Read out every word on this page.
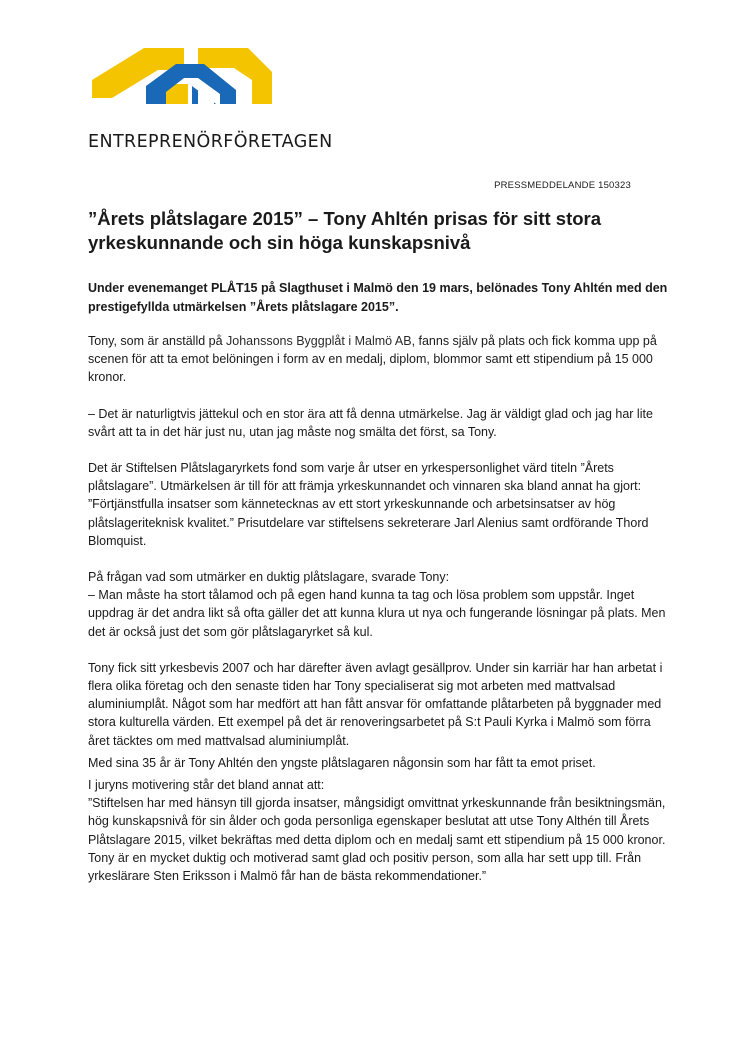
ENTREPRENÖRFÖRETAGEN
PRESSMEDDELANDE 150323
”Årets plåtslagare 2015” – Tony Ahltén prisas för sitt stora yrkeskunnande och sin höga kunskapsnivå

Under evenemanget PLÅT15 på Slagthuset i Malmö den 19 mars, belönades Tony Ahltén med den prestigefyllda utmärkelsen ”Årets plåtslagare 2015”.

Tony, som är anställd på Johanssons Byggplåt i Malmö AB, fanns själv på plats och fick komma upp på scenen för att ta emot belöningen i form av en medalj, diplom, blommor samt ett stipendium på 15 000 kronor.

– Det är naturligtvis jättekul och en stor ära att få denna utmärkelse. Jag är väldigt glad och jag har lite svårt att ta in det här just nu, utan jag måste nog smälta det först, sa Tony.

Det är Stiftelsen Plåtslagaryrkets fond som varje år utser en yrkespersonlighet värd titeln ”Årets plåtslagare”. Utmärkelsen är till för att främja yrkeskunnandet och vinnaren ska bland annat ha gjort: ”Förtjänstfulla insatser som kännetecknas av ett stort yrkeskunnande och arbetsinsatser av hög plåtslageriteknisk kvalitet.” Prisutdelare var stiftelsens sekreterare Jarl Alenius samt ordförande Thord Blomquist.

På frågan vad som utmärker en duktig plåtslagare, svarade Tony:
– Man måste ha stort tålamod och på egen hand kunna ta tag och lösa problem som uppstår. Inget uppdrag är det andra likt så ofta gäller det att kunna klura ut nya och fungerande lösningar på plats. Men det är också just det som gör plåtslagaryrket så kul.

Tony fick sitt yrkesbevis 2007 och har därefter även avlagt gesällprov. Under sin karriär har han arbetat i flera olika företag och den senaste tiden har Tony specialiserat sig mot arbeten med mattvalsad aluminiumplåt. Något som har medfört att han fått ansvar för omfattande plåtarbeten på byggnader med stora kulturella värden. Ett exempel på det är renoveringsarbetet på S:t Pauli Kyrka i Malmö som förra året täcktes om med mattvalsad aluminiumplåt.

Med sina 35 år är Tony Ahltén den yngste plåtslagaren någonsin som har fått ta emot priset.

I juryns motivering står det bland annat att:
”Stiftelsen har med hänsyn till gjorda insatser, mångsidigt omvittnat yrkeskunnande från besiktningsmän, hög kunskapsnivå för sin ålder och goda personliga egenskaper beslutat att utse Tony Althén till Årets Plåtslagare 2015, vilket bekräftas med detta diplom och en medalj samt ett stipendium på 15 000 kronor. Tony är en mycket duktig och motiverad samt glad och positiv person, som alla har sett upp till. Från yrkeslärare Sten Eriksson i Malmö får han de bästa rekommendationer.”
